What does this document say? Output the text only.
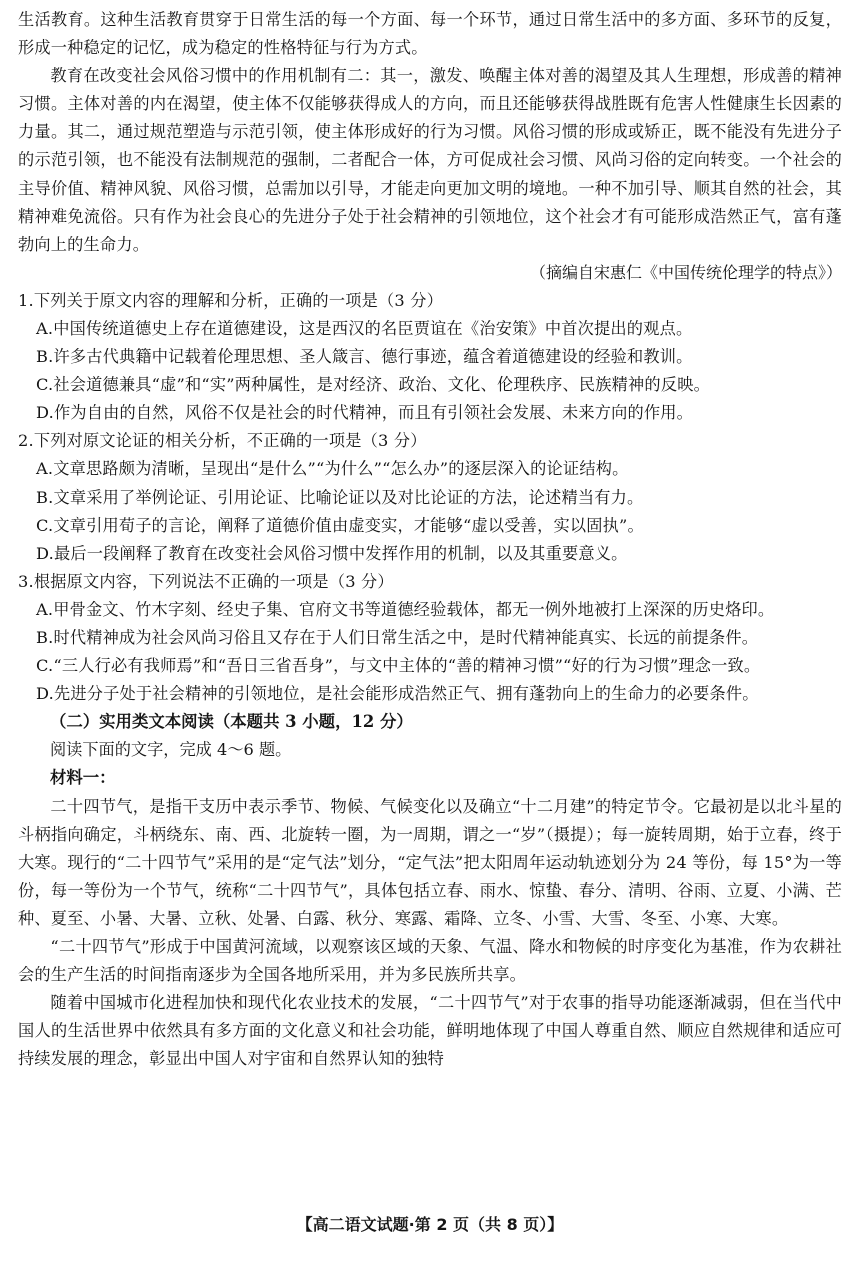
生活教育。这种生活教育贯穿于日常生活的每一个方面、每一个环节，通过日常生活中的多方面、多环节的反复，形成一种稳定的记忆，成为稳定的性格特征与行为方式。

教育在改变社会风俗习惯中的作用机制有二：其一，激发、唤醒主体对善的渴望及其人生理想，形成善的精神习惯。主体对善的内在渴望，使主体不仅能够获得成人的方向，而且还能够获得战胜既有危害人性健康生长因素的力量。其二，通过规范塑造与示范引领，使主体形成好的行为习惯。风俗习惯的形成或矫正，既不能没有先进分子的示范引领，也不能没有法制规范的强制，二者配合一体，方可促成社会习惯、风尚习俗的定向转变。一个社会的主导价值、精神风貌、风俗习惯，总需加以引导，才能走向更加文明的境地。一种不加引导、顺其自然的社会，其精神难免流俗。只有作为社会良心的先进分子处于社会精神的引领地位，这个社会才有可能形成浩然正气，富有蓬勃向上的生命力。

（摘编自宋惠仁《中国传统伦理学的特点》）

1.下列关于原文内容的理解和分析，正确的一项是（3 分）

A.中国传统道德史上存在道德建设，这是西汉的名臣贾谊在《治安策》中首次提出的观点。

B.许多古代典籍中记载着伦理思想、圣人箴言、德行事迹，蕴含着道德建设的经验和教训。

C.社会道德兼具“虚”和“实”两种属性，是对经济、政治、文化、伦理秩序、民族精神的反映。

D.作为自由的自然，风俗不仅是社会的时代精神，而且有引领社会发展、未来方向的作用。

2.下列对原文论证的相关分析，不正确的一项是（3 分）

A.文章思路颇为清晰，呈现出“是什么”“为什么”“怎么办”的逐层深入的论证结构。

B.文章采用了举例论证、引用论证、比喻论证以及对比论证的方法，论述精当有力。

C.文章引用荀子的言论，阐释了道德价值由虚变实，才能够“虚以受善，实以固执”。

D.最后一段阐释了教育在改变社会风俗习惯中发挥作用的机制，以及其重要意义。

3.根据原文内容，下列说法不正确的一项是（3 分）

A.甲骨金文、竹木字刻、经史子集、官府文书等道德经验载体，都无一例外地被打上深深的历史烙印。

B.时代精神成为社会风尚习俗且又存在于人们日常生活之中，是时代精神能真实、长远的前提条件。

C.“三人行必有我师焉”和“吾日三省吾身”，与文中主体的“善的精神习惯”“好的行为习惯”理念一致。

D.先进分子处于社会精神的引领地位，是社会能形成浩然正气、拥有蓬勃向上的生命力的必要条件。

（二）实用类文本阅读（本题共 3 小题，12 分）

阅读下面的文字，完成 4～6 题。

材料一：

二十四节气，是指干支历中表示季节、物候、气候变化以及确立“十二月建”的特定节令。它最初是以北斗星的斗柄指向确定，斗柄绕东、南、西、北旋转一圈，为一周期，谓之一“岁”（摄提）；每一旋转周期，始于立春，终于大寒。现行的“二十四节气”采用的是“定气法”划分，“定气法”把太阳周年运动轨迹划分为 24 等份，每 15°为一等份，每一等份为一个节气，统称“二十四节气”，具体包括立春、雨水、惊蛰、春分、清明、谷雨、立夏、小满、芒种、夏至、小暑、大暑、立秋、处暑、白露、秋分、寒露、霜降、立冬、小雪、大雪、冬至、小寒、大寒。

“二十四节气”形成于中国黄河流域，以观察该区域的天象、气温、降水和物候的时序变化为基准，作为农耕社会的生产生活的时间指南逐步为全国各地所采用，并为多民族所共享。

随着中国城市化进程加快和现代化农业技术的发展，“二十四节气”对于农事的指导功能逐渐减弱，但在当代中国人的生活世界中依然具有多方面的文化意义和社会功能，鲜明地体现了中国人尊重自然、顺应自然规律和适应可持续发展的理念，彰显出中国人对宇宙和自然界认知的独特

【高二语文试题·第 2 页（共 8 页）】
